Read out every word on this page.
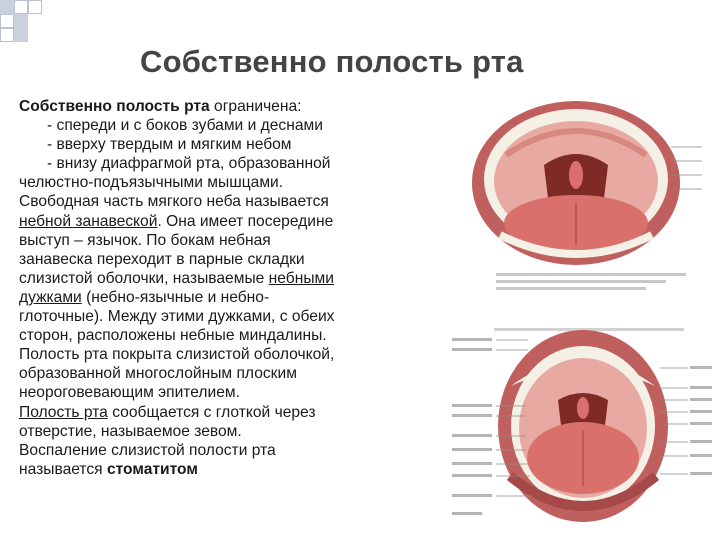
Собственно полость рта

Собственно полость рта ограничена:

- спереди и с боков зубами и деснами

- вверху твердым и мягким небом

- внизу диафрагмой рта, образованной

челюстно-подъязычными мышцами.

Свободная часть мягкого неба называется

небной занавеской. Она имеет посередине

выступ – язычок. По бокам небная

занавеска переходит в парные складки

слизистой оболочки, называемые небными

дужками (небно-язычные и небно-

глоточные). Между этими дужками, с обеих

сторон, расположены небные миндалины.

Полость рта покрыта слизистой оболочкой,

образованной многослойным плоским

неороговевающим эпителием.

Полость рта сообщается с глоткой через

отверстие, называемое зевом.

Воспаление слизистой полости рта

называется стоматитом
